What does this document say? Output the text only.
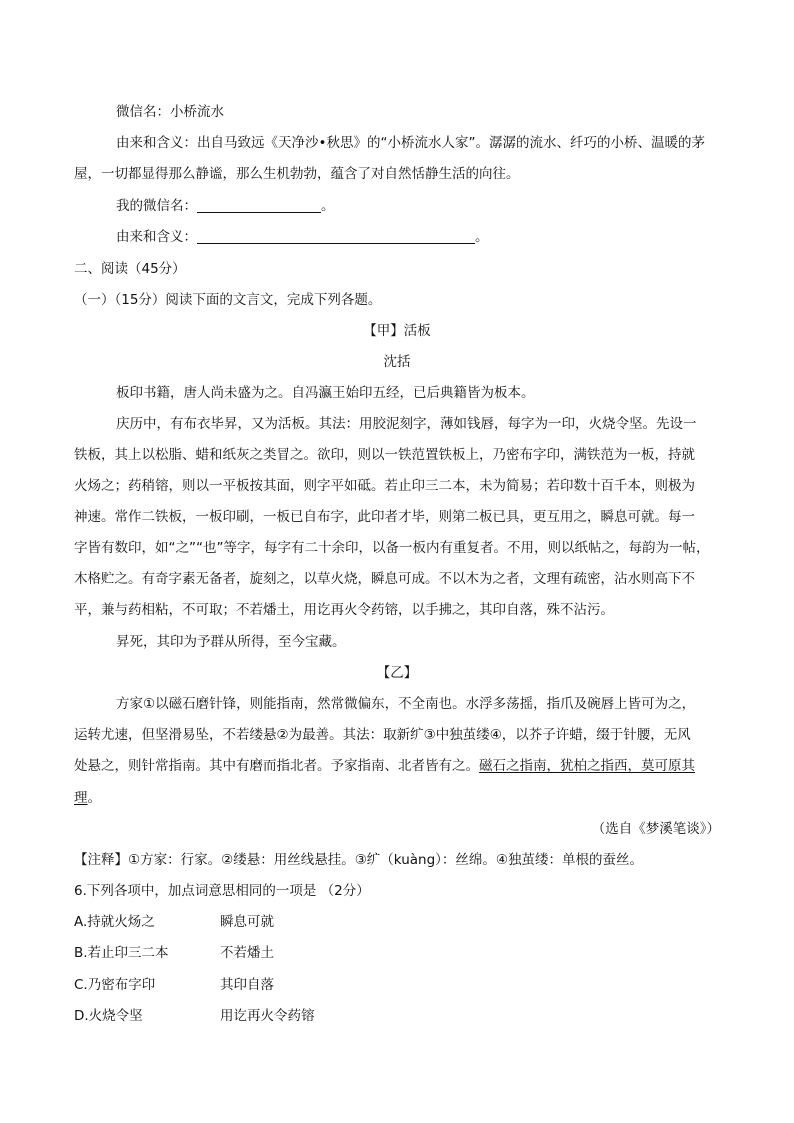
微信名：小桥流水
由来和含义：出自马致远《天净沙•秋思》的“小桥流水人家”。潺潺的流水、纤巧的小桥、温暖的茅
屋，一切都显得那么静谧，那么生机勃勃，蕴含了对自然恬静生活的向往。
我的微信名：	。
由来和含义：	。
二、阅读（45分）
（一）（15分）阅读下面的文言文，完成下列各题。
【甲】活板
沈括
板印书籍，唐人尚未盛为之。自冯瀛王始印五经，已后典籍皆为板本。
庆历中，有布衣毕昇，又为活板。其法：用胶泥刻字，薄如钱唇，每字为一印，火烧令坚。先设一
铁板，其上以松脂、蜡和纸灰之类冒之。欲印，则以一铁范置铁板上，乃密布字印，满铁范为一板，持就
火炀之；药稍镕，则以一平板按其面，则字平如砥。若止印三二本，未为简易；若印数十百千本，则极为
神速。常作二铁板，一板印刷，一板已自布字，此印者才毕，则第二板已具，更互用之，瞬息可就。每一
字皆有数印，如“之”“也”等字，每字有二十余印，以备一板内有重复者。不用，则以纸帖之，每韵为一帖，
木格贮之。有奇字素无备者，旋刻之，以草火烧，瞬息可成。不以木为之者，文理有疏密，沾水则高下不
平，兼与药相粘，不可取；不若燔土，用讫再火令药镕，以手拂之，其印自落，殊不沾污。
昇死，其印为予群从所得，至今宝藏。
【乙】
方家①以磁石磨针锋，则能指南，然常微偏东，不全南也。水浮多荡摇，指爪及碗唇上皆可为之，
运转尤速，但坚滑易坠，不若缕悬②为最善。其法：取新纩③中独茧缕④，以芥子许蜡，缀于针腰，无风
处悬之，则针常指南。其中有磨而指北者。予家指南、北者皆有之。磁石之指南，犹柏之指西，莫可原其
理。
（选自《梦溪笔谈》）
【注释】①方家：行家。②缕悬：用丝线悬挂。③纩（kuàng）：丝绵。④独茧缕：单根的蚕丝。
6.下列各项中，加点词意思相同的一项是 （2分）
A.持就火炀之	瞬息可就
B.若止印三二本	不若燔土
C.乃密布字印	其印自落
D.火烧令坚	用讫再火令药镕
